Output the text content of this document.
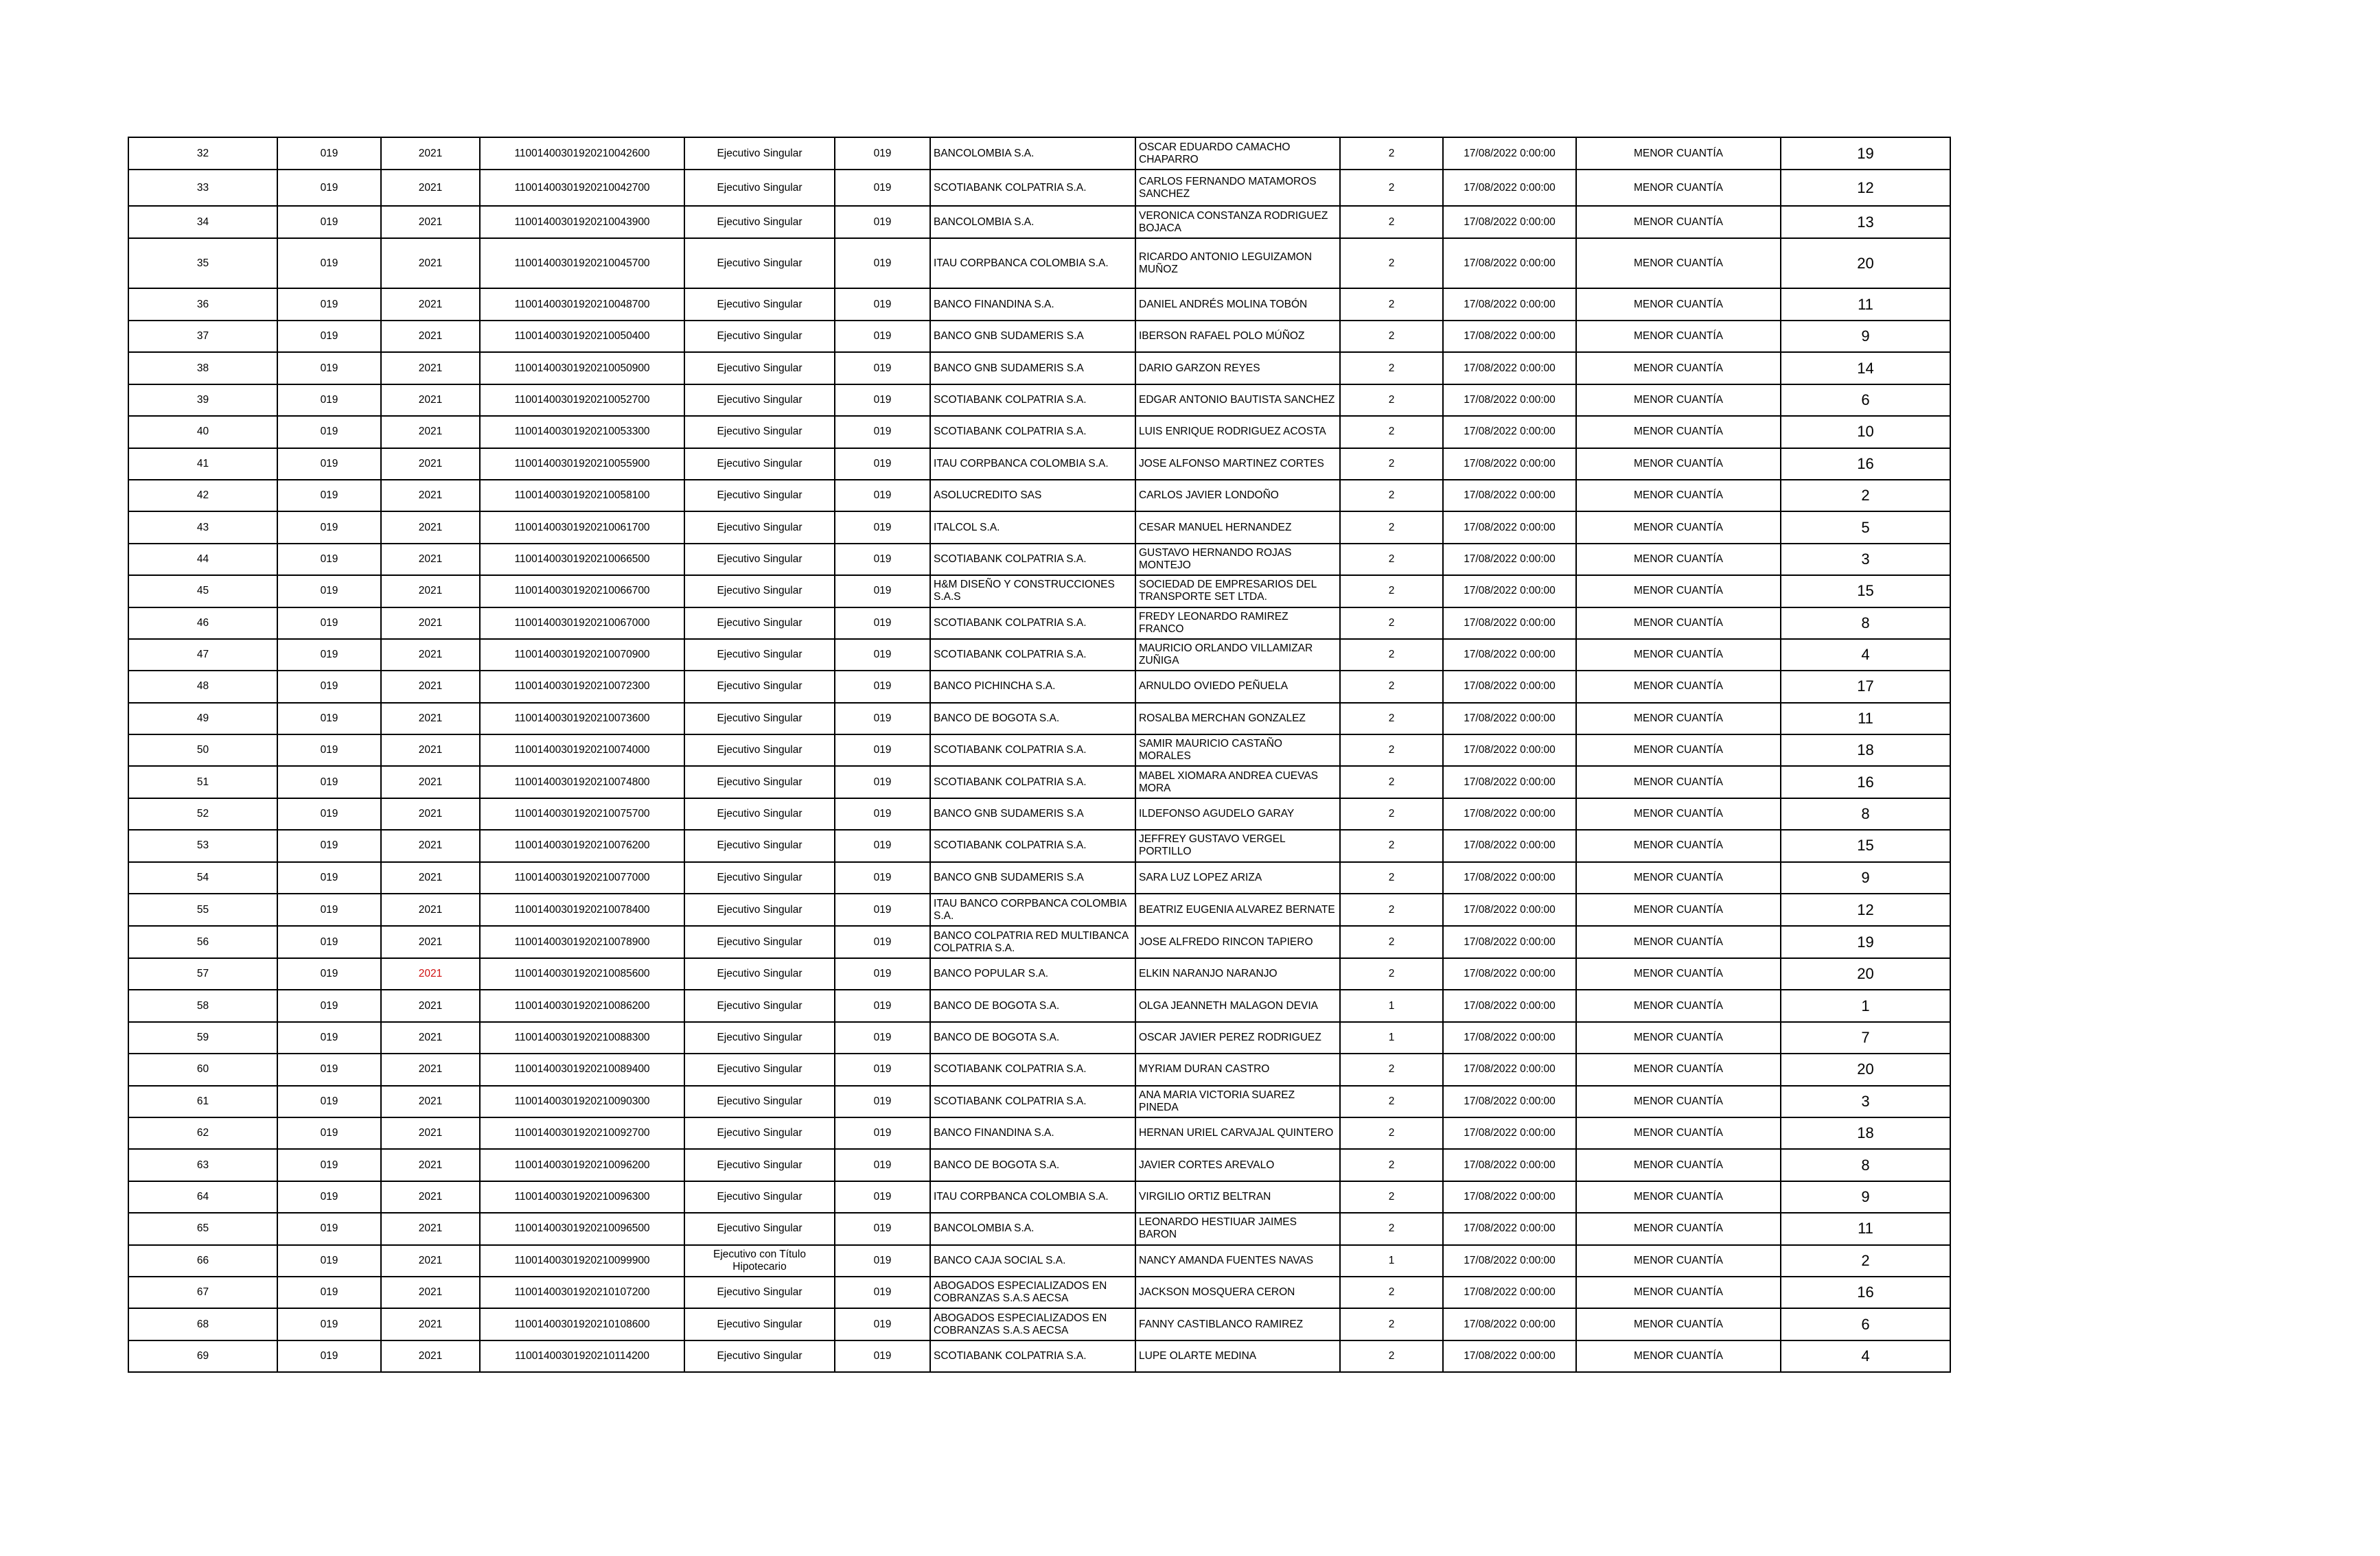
32	019	2021	11001400301920210042600	Ejecutivo Singular	019	BANCOLOMBIA S.A.	OSCAR EDUARDO CAMACHO CHAPARRO	2	17/08/2022 0:00:00	MENOR CUANTÍA	19
33	019	2021	11001400301920210042700	Ejecutivo Singular	019	SCOTIABANK COLPATRIA S.A.	CARLOS FERNANDO MATAMOROS SANCHEZ	2	17/08/2022 0:00:00	MENOR CUANTÍA	12
34	019	2021	11001400301920210043900	Ejecutivo Singular	019	BANCOLOMBIA S.A.	VERONICA CONSTANZA RODRIGUEZ BOJACA	2	17/08/2022 0:00:00	MENOR CUANTÍA	13
35	019	2021	11001400301920210045700	Ejecutivo Singular	019	ITAU CORPBANCA COLOMBIA S.A.	RICARDO ANTONIO LEGUIZAMON MUÑOZ	2	17/08/2022 0:00:00	MENOR CUANTÍA	20
36	019	2021	11001400301920210048700	Ejecutivo Singular	019	BANCO FINANDINA S.A.	DANIEL ANDRÉS MOLINA TOBÓN	2	17/08/2022 0:00:00	MENOR CUANTÍA	11
37	019	2021	11001400301920210050400	Ejecutivo Singular	019	BANCO GNB SUDAMERIS S.A	IBERSON RAFAEL POLO MÚÑOZ	2	17/08/2022 0:00:00	MENOR CUANTÍA	9
38	019	2021	11001400301920210050900	Ejecutivo Singular	019	BANCO GNB SUDAMERIS S.A	DARIO GARZON REYES	2	17/08/2022 0:00:00	MENOR CUANTÍA	14
39	019	2021	11001400301920210052700	Ejecutivo Singular	019	SCOTIABANK COLPATRIA S.A.	EDGAR ANTONIO BAUTISTA SANCHEZ	2	17/08/2022 0:00:00	MENOR CUANTÍA	6
40	019	2021	11001400301920210053300	Ejecutivo Singular	019	SCOTIABANK COLPATRIA S.A.	LUIS ENRIQUE RODRIGUEZ ACOSTA	2	17/08/2022 0:00:00	MENOR CUANTÍA	10
41	019	2021	11001400301920210055900	Ejecutivo Singular	019	ITAU CORPBANCA COLOMBIA S.A.	JOSE ALFONSO MARTINEZ CORTES	2	17/08/2022 0:00:00	MENOR CUANTÍA	16
42	019	2021	11001400301920210058100	Ejecutivo Singular	019	ASOLUCREDITO SAS	CARLOS JAVIER LONDOÑO	2	17/08/2022 0:00:00	MENOR CUANTÍA	2
43	019	2021	11001400301920210061700	Ejecutivo Singular	019	ITALCOL S.A.	CESAR MANUEL HERNANDEZ	2	17/08/2022 0:00:00	MENOR CUANTÍA	5
44	019	2021	11001400301920210066500	Ejecutivo Singular	019	SCOTIABANK COLPATRIA S.A.	GUSTAVO HERNANDO ROJAS MONTEJO	2	17/08/2022 0:00:00	MENOR CUANTÍA	3
45	019	2021	11001400301920210066700	Ejecutivo Singular	019	H&M DISEÑO Y CONSTRUCCIONES S.A.S	SOCIEDAD DE EMPRESARIOS DEL TRANSPORTE SET LTDA.	2	17/08/2022 0:00:00	MENOR CUANTÍA	15
46	019	2021	11001400301920210067000	Ejecutivo Singular	019	SCOTIABANK COLPATRIA S.A.	FREDY LEONARDO RAMIREZ FRANCO	2	17/08/2022 0:00:00	MENOR CUANTÍA	8
47	019	2021	11001400301920210070900	Ejecutivo Singular	019	SCOTIABANK COLPATRIA S.A.	MAURICIO ORLANDO VILLAMIZAR ZUÑIGA	2	17/08/2022 0:00:00	MENOR CUANTÍA	4
48	019	2021	11001400301920210072300	Ejecutivo Singular	019	BANCO PICHINCHA S.A.	ARNULDO OVIEDO PEÑUELA	2	17/08/2022 0:00:00	MENOR CUANTÍA	17
49	019	2021	11001400301920210073600	Ejecutivo Singular	019	BANCO DE BOGOTA S.A.	ROSALBA MERCHAN GONZALEZ	2	17/08/2022 0:00:00	MENOR CUANTÍA	11
50	019	2021	11001400301920210074000	Ejecutivo Singular	019	SCOTIABANK COLPATRIA S.A.	SAMIR MAURICIO CASTAÑO MORALES	2	17/08/2022 0:00:00	MENOR CUANTÍA	18
51	019	2021	11001400301920210074800	Ejecutivo Singular	019	SCOTIABANK COLPATRIA S.A.	MABEL XIOMARA ANDREA CUEVAS MORA	2	17/08/2022 0:00:00	MENOR CUANTÍA	16
52	019	2021	11001400301920210075700	Ejecutivo Singular	019	BANCO GNB SUDAMERIS S.A	ILDEFONSO AGUDELO GARAY	2	17/08/2022 0:00:00	MENOR CUANTÍA	8
53	019	2021	11001400301920210076200	Ejecutivo Singular	019	SCOTIABANK COLPATRIA S.A.	JEFFREY GUSTAVO VERGEL PORTILLO	2	17/08/2022 0:00:00	MENOR CUANTÍA	15
54	019	2021	11001400301920210077000	Ejecutivo Singular	019	BANCO GNB SUDAMERIS S.A	SARA LUZ LOPEZ ARIZA	2	17/08/2022 0:00:00	MENOR CUANTÍA	9
55	019	2021	11001400301920210078400	Ejecutivo Singular	019	ITAU BANCO CORPBANCA COLOMBIA S.A.	BEATRIZ EUGENIA ALVAREZ BERNATE	2	17/08/2022 0:00:00	MENOR CUANTÍA	12
56	019	2021	11001400301920210078900	Ejecutivo Singular	019	BANCO COLPATRIA RED MULTIBANCA COLPATRIA S.A.	JOSE ALFREDO RINCON TAPIERO	2	17/08/2022 0:00:00	MENOR CUANTÍA	19
57	019	2021	11001400301920210085600	Ejecutivo Singular	019	BANCO POPULAR S.A.	ELKIN NARANJO NARANJO	2	17/08/2022 0:00:00	MENOR CUANTÍA	20
58	019	2021	11001400301920210086200	Ejecutivo Singular	019	BANCO DE BOGOTA S.A.	OLGA JEANNETH MALAGON DEVIA	1	17/08/2022 0:00:00	MENOR CUANTÍA	1
59	019	2021	11001400301920210088300	Ejecutivo Singular	019	BANCO DE BOGOTA S.A.	OSCAR JAVIER PEREZ RODRIGUEZ	1	17/08/2022 0:00:00	MENOR CUANTÍA	7
60	019	2021	11001400301920210089400	Ejecutivo Singular	019	SCOTIABANK COLPATRIA S.A.	MYRIAM DURAN CASTRO	2	17/08/2022 0:00:00	MENOR CUANTÍA	20
61	019	2021	11001400301920210090300	Ejecutivo Singular	019	SCOTIABANK COLPATRIA S.A.	ANA MARIA VICTORIA SUAREZ PINEDA	2	17/08/2022 0:00:00	MENOR CUANTÍA	3
62	019	2021	11001400301920210092700	Ejecutivo Singular	019	BANCO FINANDINA S.A.	HERNAN URIEL CARVAJAL QUINTERO	2	17/08/2022 0:00:00	MENOR CUANTÍA	18
63	019	2021	11001400301920210096200	Ejecutivo Singular	019	BANCO DE BOGOTA S.A.	JAVIER CORTES AREVALO	2	17/08/2022 0:00:00	MENOR CUANTÍA	8
64	019	2021	11001400301920210096300	Ejecutivo Singular	019	ITAU CORPBANCA COLOMBIA S.A.	VIRGILIO ORTIZ BELTRAN	2	17/08/2022 0:00:00	MENOR CUANTÍA	9
65	019	2021	11001400301920210096500	Ejecutivo Singular	019	BANCOLOMBIA S.A.	LEONARDO HESTIUAR JAIMES BARON	2	17/08/2022 0:00:00	MENOR CUANTÍA	11
66	019	2021	11001400301920210099900	Ejecutivo con Título Hipotecario	019	BANCO CAJA SOCIAL S.A.	NANCY AMANDA FUENTES NAVAS	1	17/08/2022 0:00:00	MENOR CUANTÍA	2
67	019	2021	11001400301920210107200	Ejecutivo Singular	019	ABOGADOS ESPECIALIZADOS EN COBRANZAS S.A.S AECSA	JACKSON MOSQUERA CERON	2	17/08/2022 0:00:00	MENOR CUANTÍA	16
68	019	2021	11001400301920210108600	Ejecutivo Singular	019	ABOGADOS ESPECIALIZADOS EN COBRANZAS S.A.S AECSA	FANNY CASTIBLANCO RAMIREZ	2	17/08/2022 0:00:00	MENOR CUANTÍA	6
69	019	2021	11001400301920210114200	Ejecutivo Singular	019	SCOTIABANK COLPATRIA S.A.	LUPE OLARTE MEDINA	2	17/08/2022 0:00:00	MENOR CUANTÍA	4
